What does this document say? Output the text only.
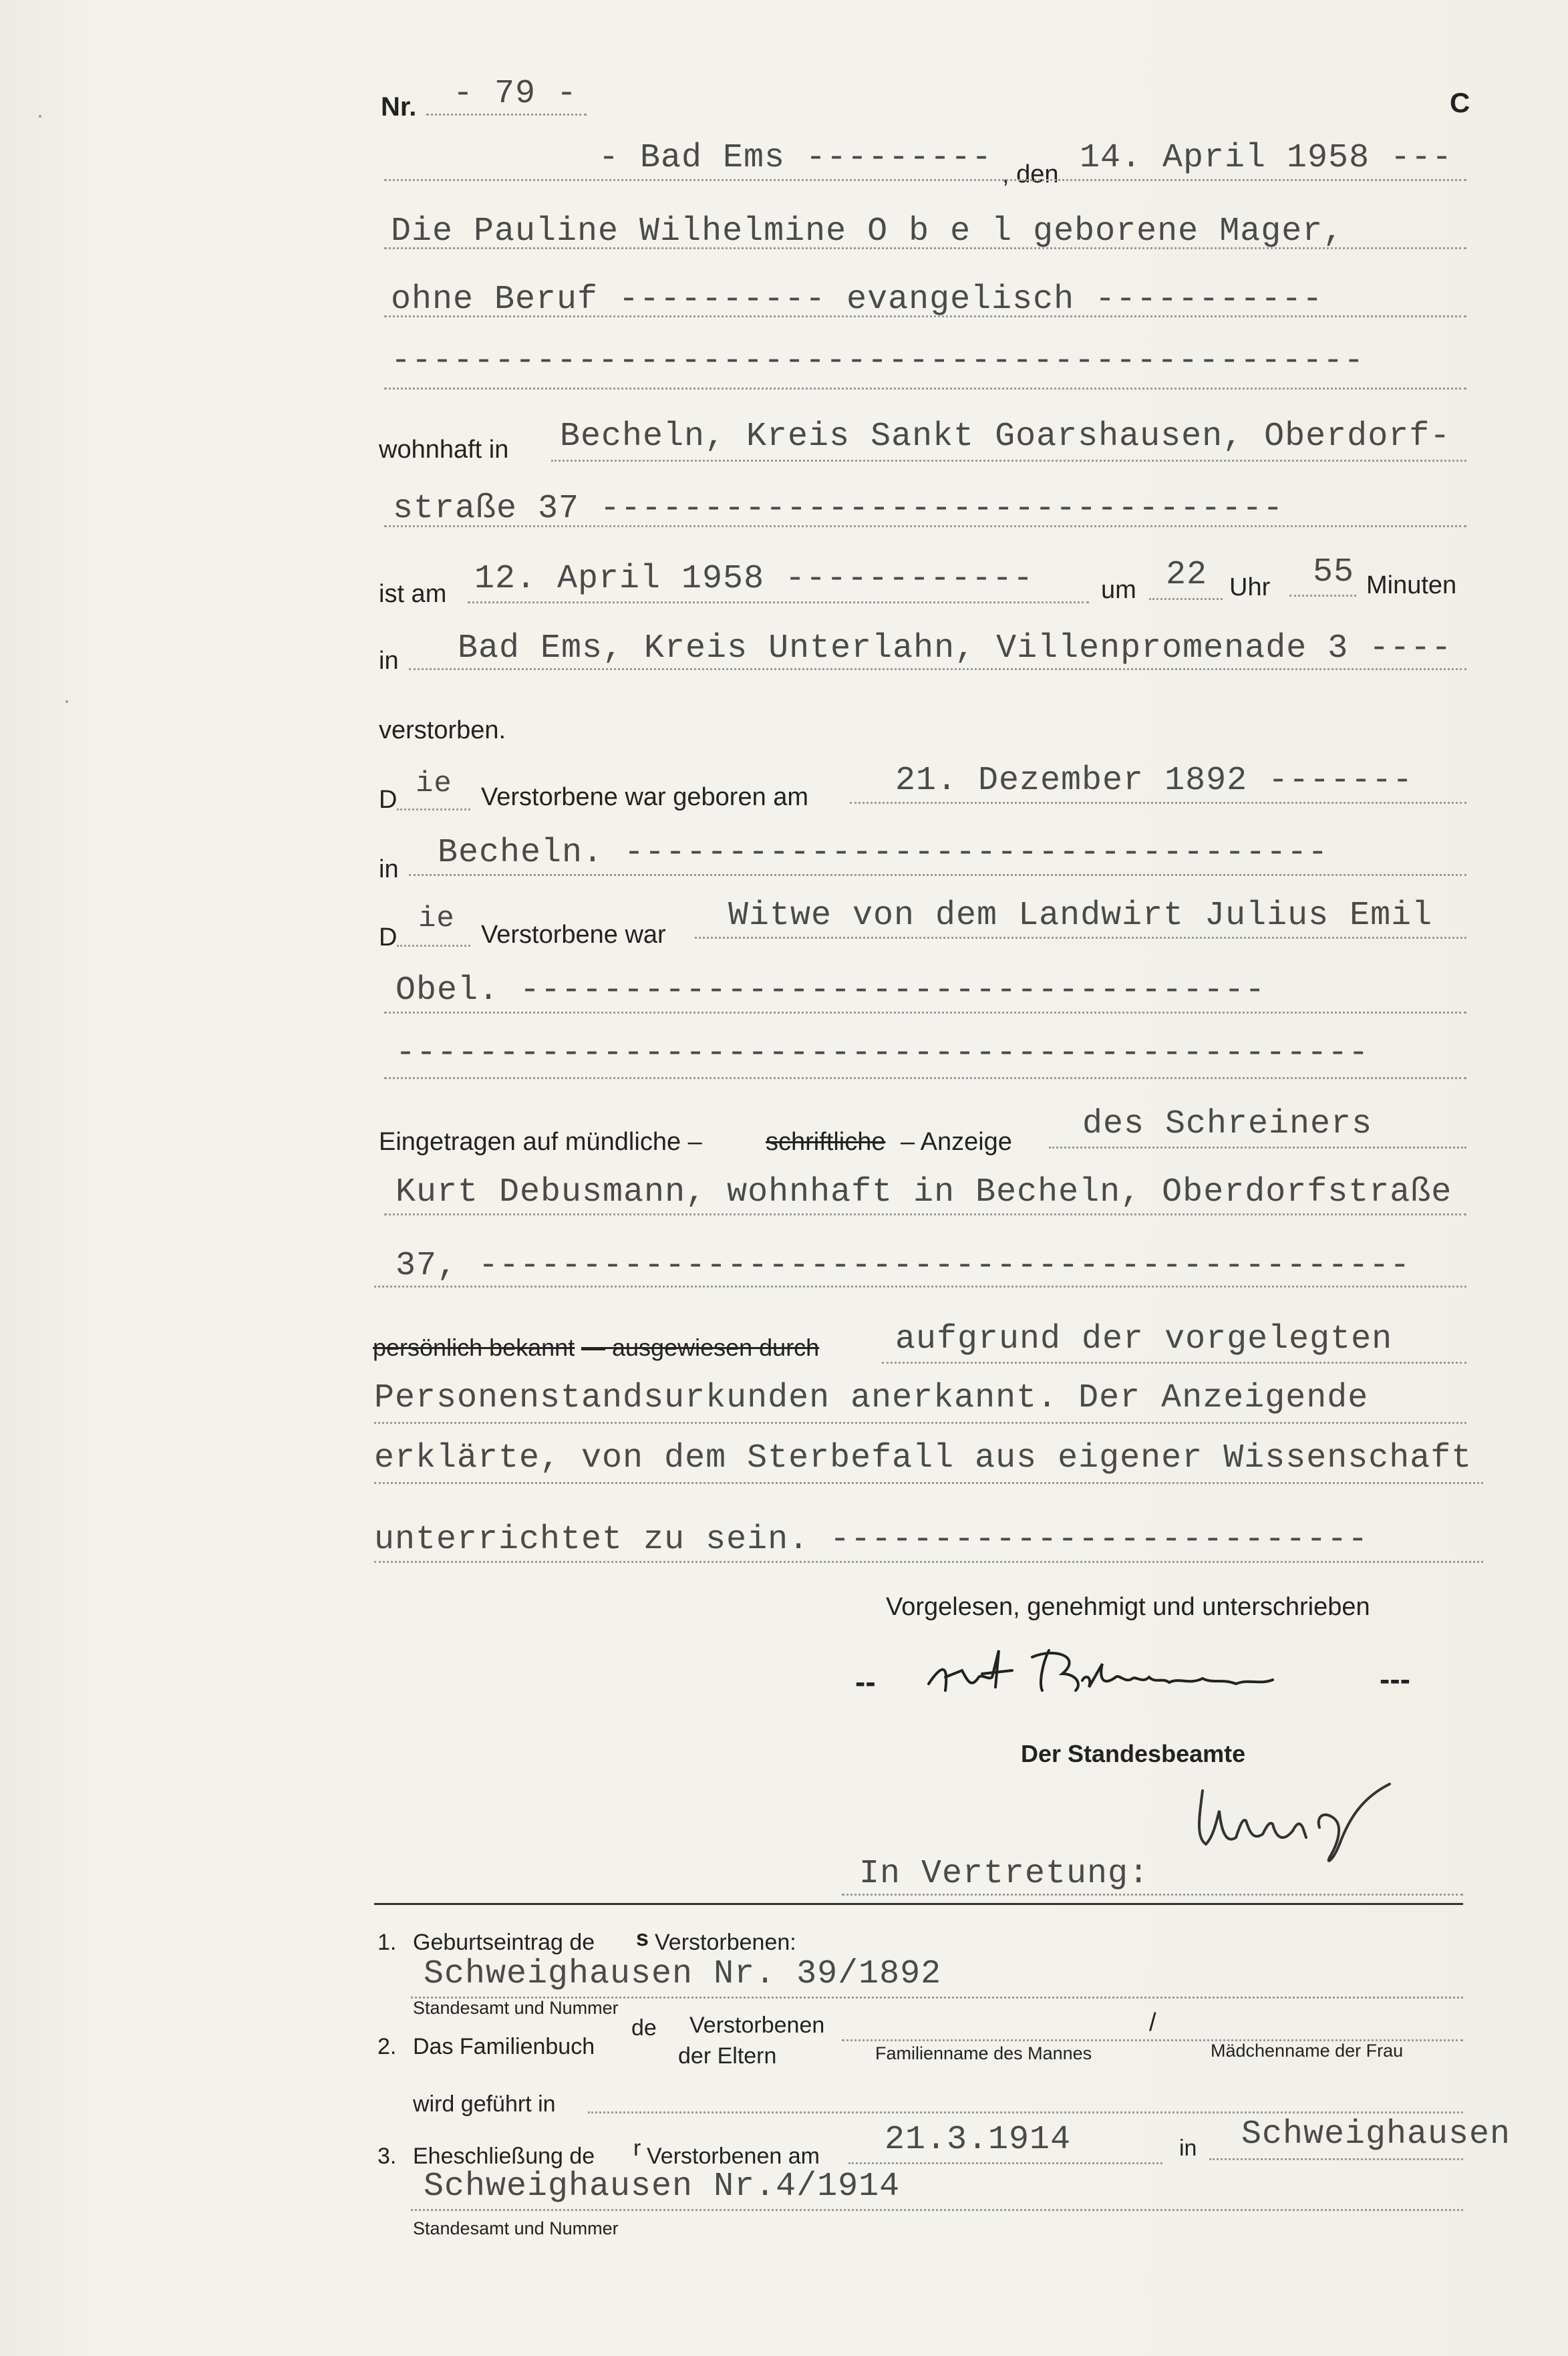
Nr. - 79 -	C
- Bad Ems --------- , den 14. April 1958 ---
Die Pauline Wilhelmine O b e l geborene Mager,
ohne Beruf ---------- evangelisch -----------
-----------------------------------------------
wohnhaft in Becheln, Kreis Sankt Goarshausen, Oberdorf-
straße 37 ---------------------------------
ist am 12. April 1958 ------------	um 22 Uhr 55 Minuten
in Bad Ems, Kreis Unterlahn, Villenpromenade 3 ----
verstorben.
D ie Verstorbene war geboren am	21. Dezember 1892 -------
in Becheln. ----------------------------------
D
ie Verstorbene war Witwe von dem Landwirt Julius Emil
Obel. ------------------------------------
-----------------------------------------------
Eingetragen auf mündliche –	schriftliche – Anzeige des Schreiners
Kurt Debusmann, wohnhaft in Becheln, Oberdorfstraße
37, ---------------------------------------------
persönlich bekannt — ausgewiesen durch aufgrund der vorgelegten
Personenstandsurkunden anerkannt. Der Anzeigende
erklärte, von dem Sterbefall aus eigener Wissenschaft
unterrichtet zu sein. --------------------------
Vorgelesen, genehmigt und unterschrieben
--	---
Der Standesbeamte
In Vertretung:
1. Geburtseintrag de s Verstorbenen:
Schweighausen Nr. 39/1892
Standesamt und Nummer
2. Das Familienbuch
de Verstorbenen
der Eltern
/
Familienname des Mannes	Mädchenname der Frau
wird geführt in
3. Eheschließung de r Verstorbenen am 21.3.1914	in Schweighausen
Schweighausen Nr.4/1914
Standesamt und Nummer
